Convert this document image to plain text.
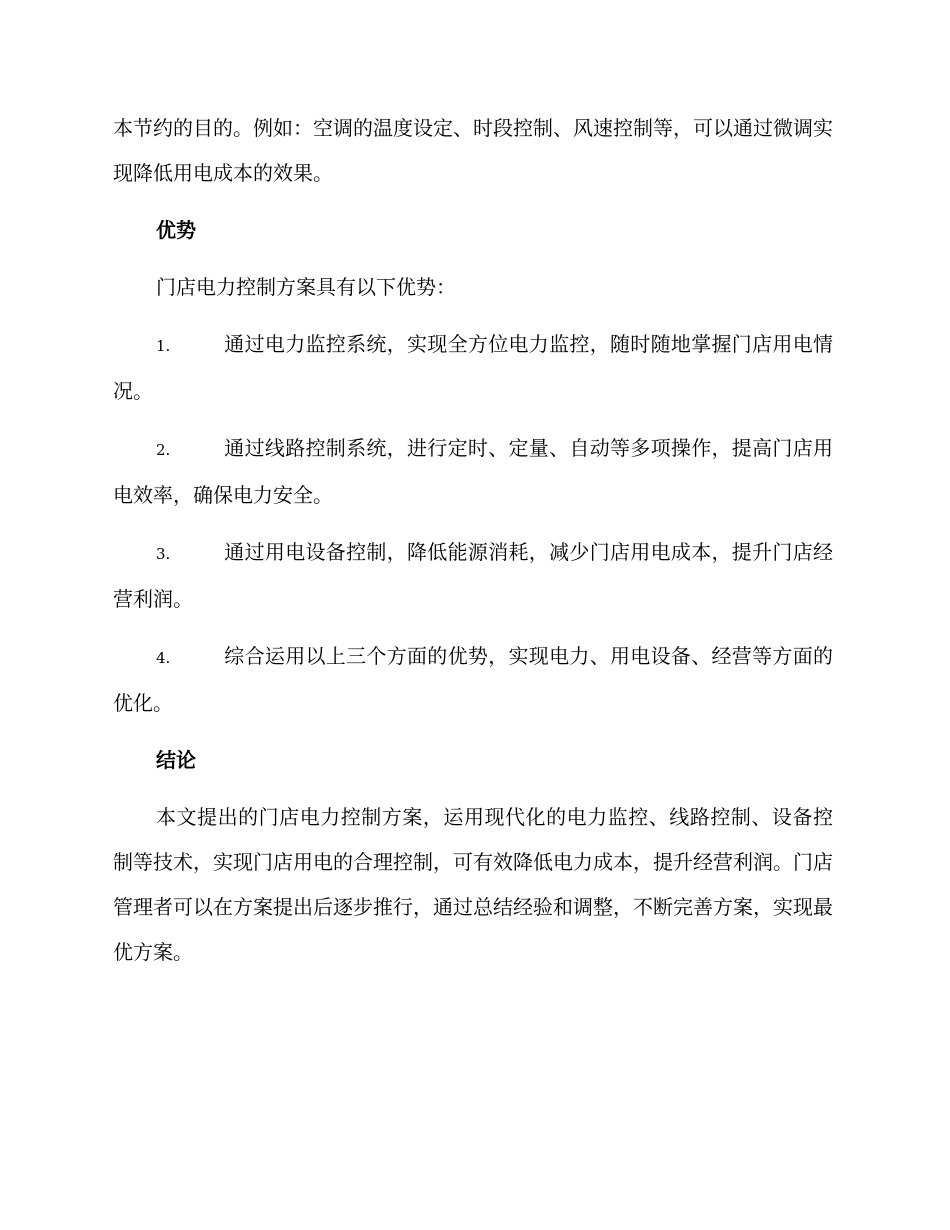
本节约的目的。例如：空调的温度设定、时段控制、风速控制等，可以通过微调实现降低用电成本的效果。

优势

门店电力控制方案具有以下优势：

1.	通过电力监控系统，实现全方位电力监控，随时随地掌握门店用电情况。

2.	通过线路控制系统，进行定时、定量、自动等多项操作，提高门店用电效率，确保电力安全。

3.	通过用电设备控制，降低能源消耗，减少门店用电成本，提升门店经营利润。

4.	综合运用以上三个方面的优势，实现电力、用电设备、经营等方面的优化。

结论

本文提出的门店电力控制方案，运用现代化的电力监控、线路控制、设备控制等技术，实现门店用电的合理控制，可有效降低电力成本，提升经营利润。门店管理者可以在方案提出后逐步推行，通过总结经验和调整，不断完善方案，实现最优方案。
